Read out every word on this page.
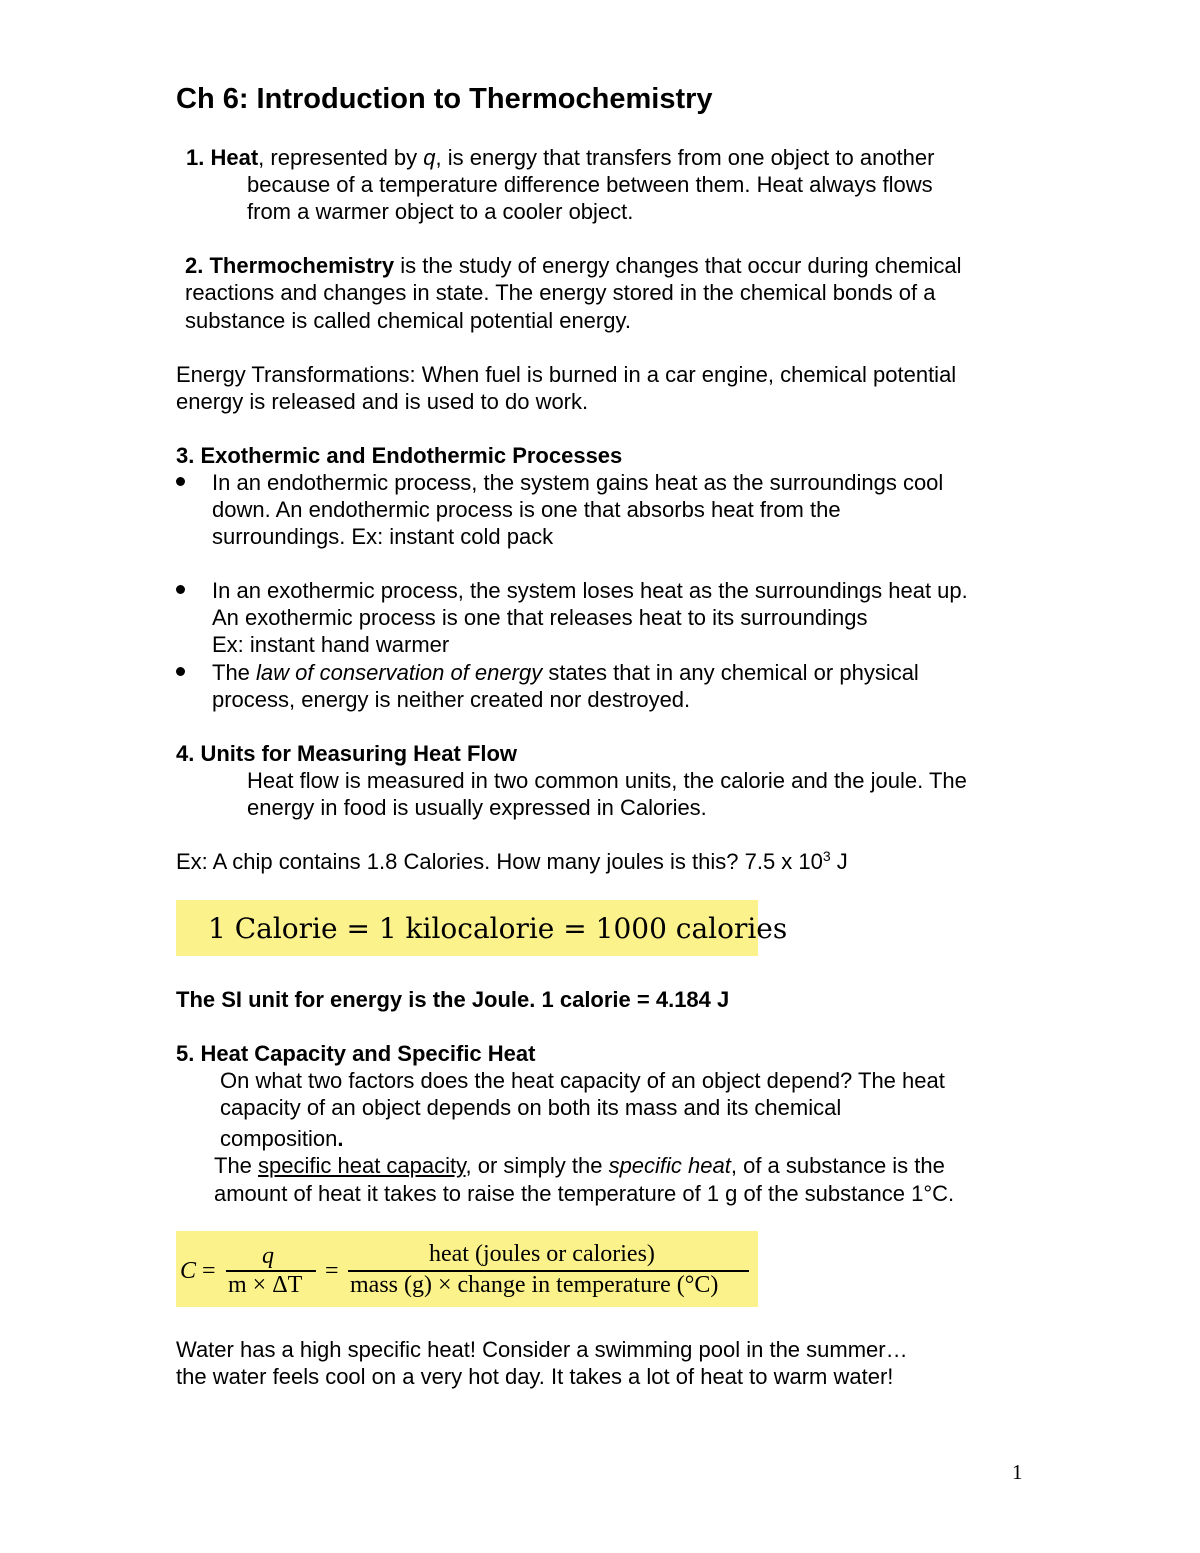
Ch 6: Introduction to Thermochemistry
1. Heat, represented by q, is energy that transfers from one object to another
because of a temperature difference between them. Heat always flows
from a warmer object to a cooler object.
2. Thermochemistry is the study of energy changes that occur during chemical
reactions and changes in state. The energy stored in the chemical bonds of a
substance is called chemical potential energy.
Energy Transformations: When fuel is burned in a car engine, chemical potential
energy is released and is used to do work.
3. Exothermic and Endothermic Processes
In an endothermic process, the system gains heat as the surroundings cool
down. An endothermic process is one that absorbs heat from the
surroundings. Ex: instant cold pack
In an exothermic process, the system loses heat as the surroundings heat up.
An exothermic process is one that releases heat to its surroundings
Ex: instant hand warmer
The law of conservation of energy states that in any chemical or physical
process, energy is neither created nor destroyed.
4. Units for Measuring Heat Flow
Heat flow is measured in two common units, the calorie and the joule. The
energy in food is usually expressed in Calories.
Ex: A chip contains 1.8 Calories. How many joules is this? 7.5 x $10^3$ J
1 Calorie = 1 kilocalorie = 1000 calories
The SI unit for energy is the Joule. 1 calorie = 4.184 J
5. Heat Capacity and Specific Heat
On what two factors does the heat capacity of an object depend? The heat
capacity of an object depends on both its mass and its chemical
composition.
The specific heat capacity, or simply the specific heat, of a substance is the
amount of heat it takes to raise the temperature of 1 g of the substance 1°C.
C =
q
m × ΔT
=
heat (joules or calories)
mass (g) × change in temperature (°C)
Water has a high specific heat! Consider a swimming pool in the summer…
the water feels cool on a very hot day. It takes a lot of heat to warm water!
1
